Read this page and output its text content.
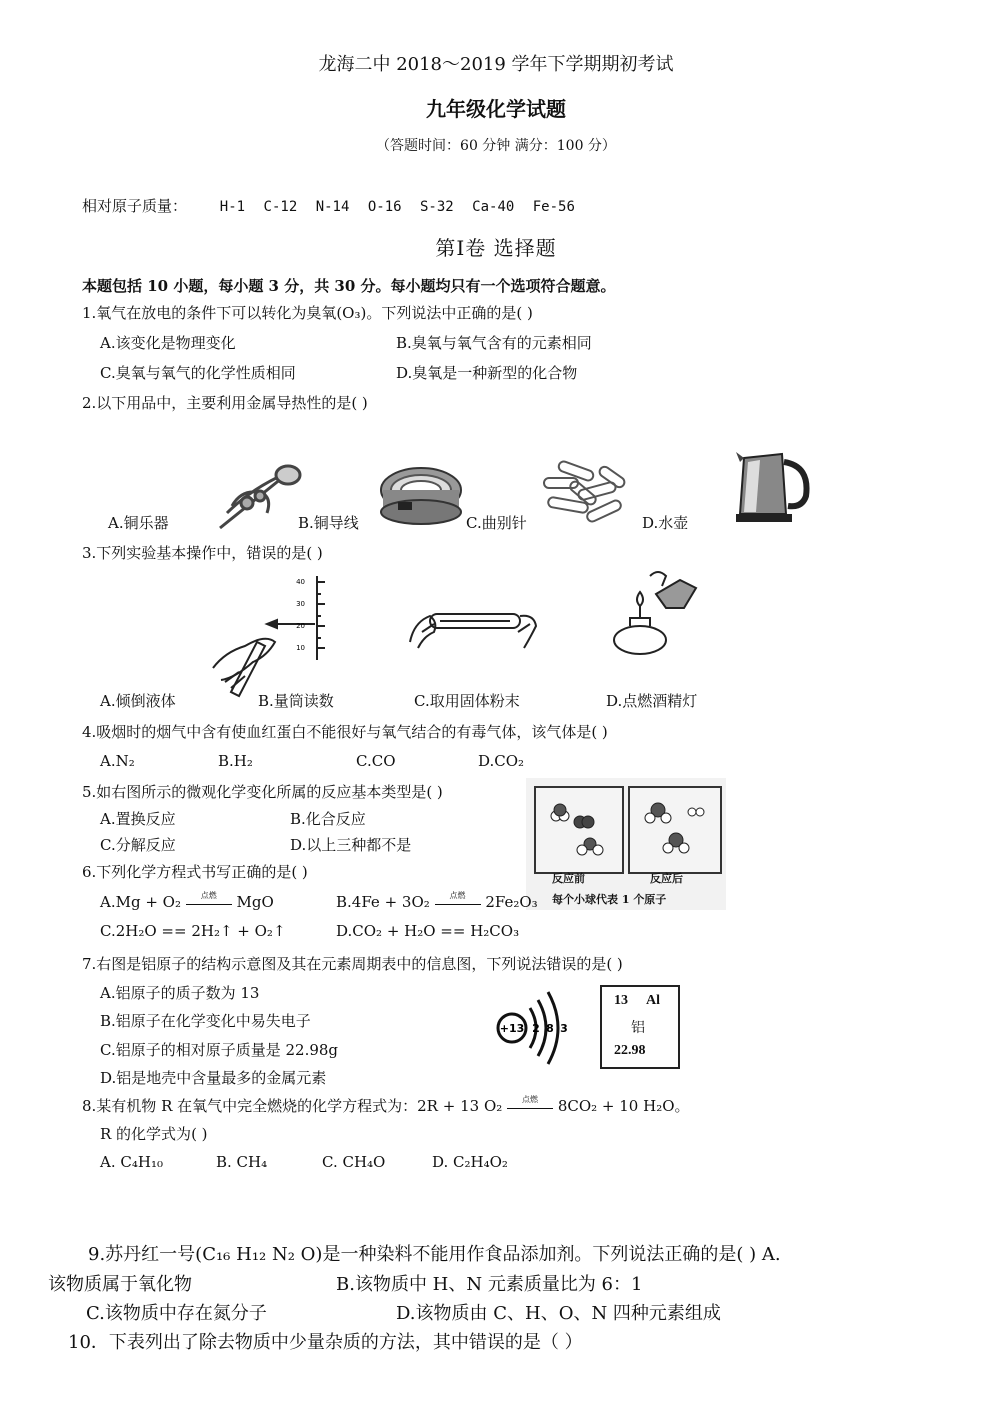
龙海二中 2018～2019 学年下学期期初考试
九年级化学试题
（答题时间：60 分钟 满分：100 分）
相对原子质量： H-1 C-12 N-14 O-16 S-32 Ca-40 Fe-56
第Ⅰ卷 选择题
本题包括 10 小题，每小题 3 分，共 30 分。每小题均只有一个选项符合题意。
1.氧气在放电的条件下可以转化为臭氧(O₃)。下列说法中正确的是( )
A.该变化是物理变化	B.臭氧与氧气含有的元素相同
C.臭氧与氧气的化学性质相同	D.臭氧是一种新型的化合物
2.以下用品中，主要利用金属导热性的是( )
A.铜乐器	B.铜导线	C.曲别针	D.水壶
3.下列实验基本操作中，错误的是( )
40
30
20
10
A.倾倒液体	B.量筒读数	C.取用固体粉末	D.点燃酒精灯
4.吸烟时的烟气中含有使血红蛋白不能很好与氧气结合的有毒气体，该气体是( )
A.N₂	B.H₂	C.CO	D.CO₂
5.如右图所示的微观化学变化所属的反应基本类型是( )
A.置换反应	B.化合反应
C.分解反应	D.以上三种都不是
反应前	反应后
每个小球代表 1 个原子
6.下列化学方程式书写正确的是( )
A.Mg + O₂	点燃	MgO	B.4Fe + 3O₂	点燃	2Fe₂O₃
C.2H₂O == 2H₂↑ + O₂↑	D.CO₂ + H₂O == H₂CO₃
7.右图是铝原子的结构示意图及其在元素周期表中的信息图，下列说法错误的是( )
A.铝原子的质子数为 13
B.铝原子在化学变化中易失电子
C.铝原子的相对原子质量是 22.98g
D.铝是地壳中含量最多的金属元素
+13 2 8 3
13 Al
铝
22.98
8.某有机物 R 在氧气中完全燃烧的化学方程式为：2R + 13 O₂	点燃	8CO₂ + 10 H₂O。
R 的化学式为( )
A. C₄H₁₀	B. CH₄	C. CH₄O	D. C₂H₄O₂
9.苏丹红一号(C₁₆ H₁₂ N₂ O)是一种染料不能用作食品添加剂。下列说法正确的是( ) A.
该物质属于氧化物	B.该物质中 H、N 元素质量比为 6：1
C.该物质中存在氮分子	D.该物质由 C、H、O、N 四种元素组成
10．下表列出了除去物质中少量杂质的方法，其中错误的是（ ）
